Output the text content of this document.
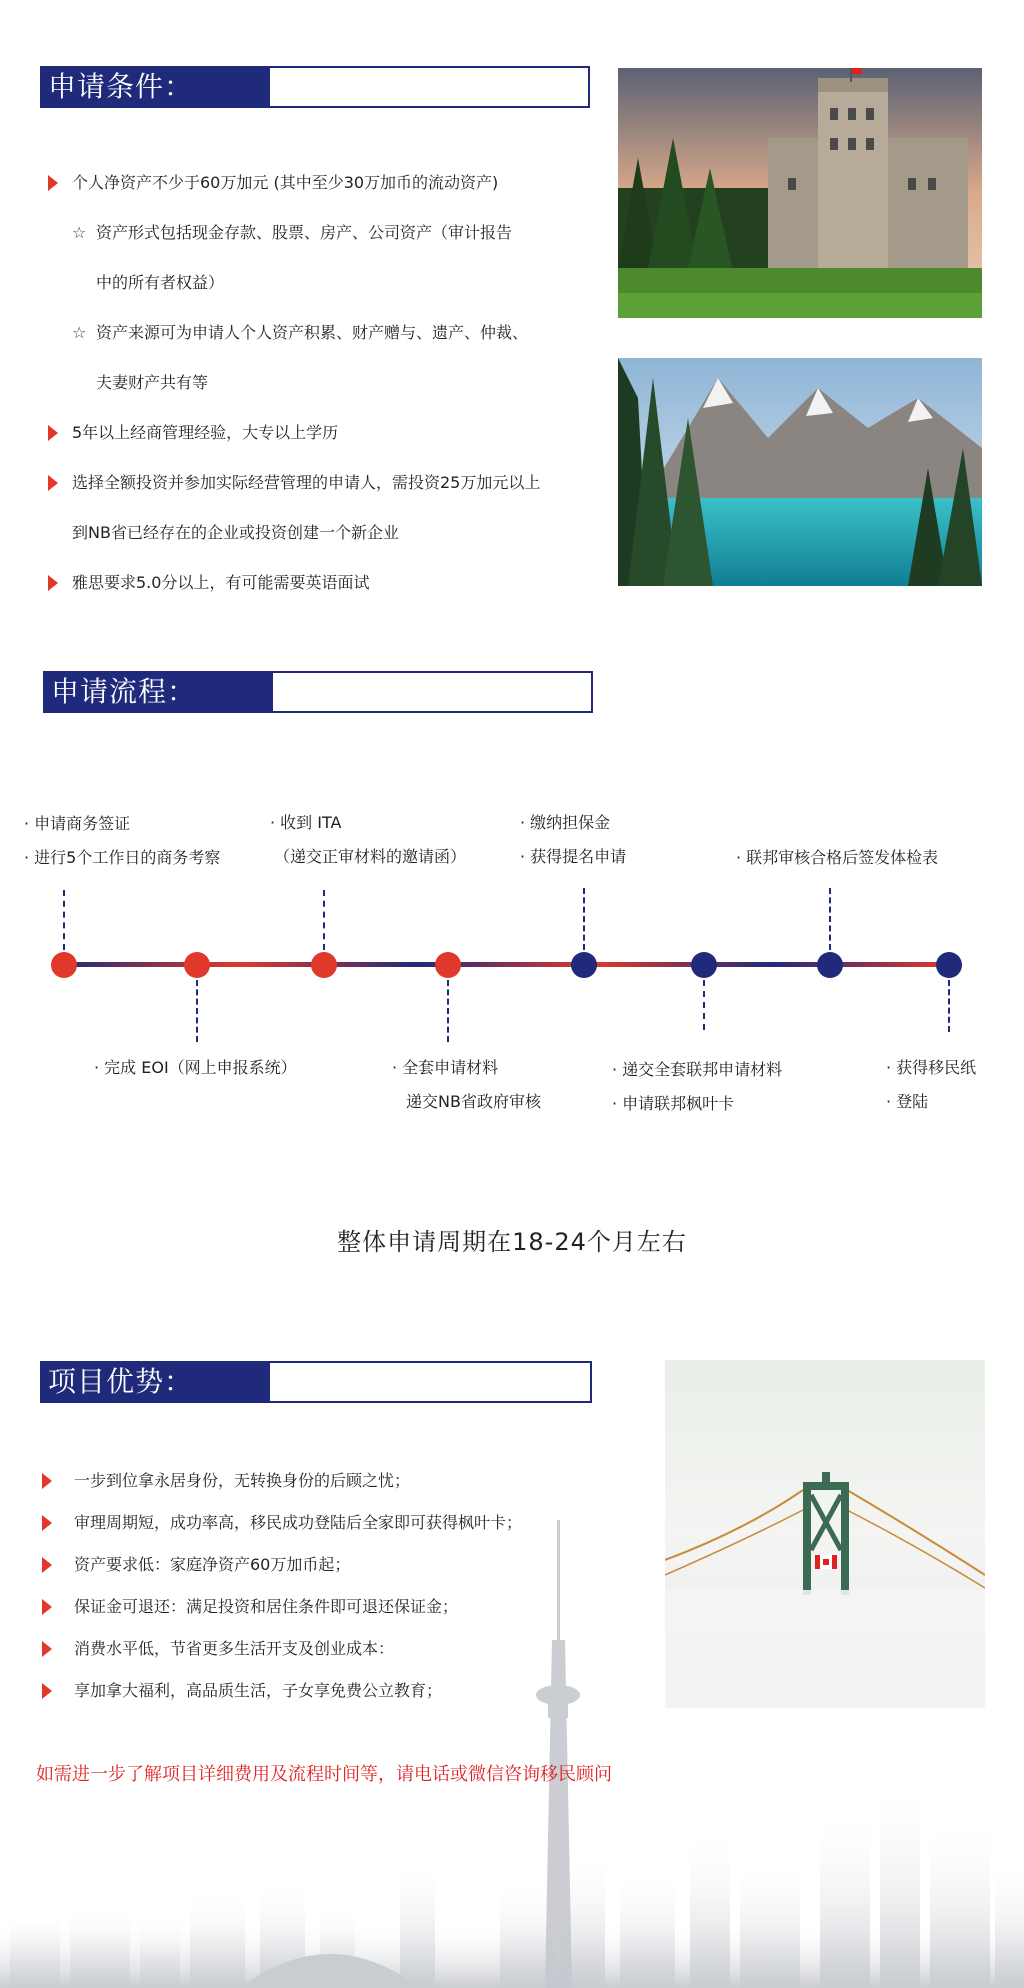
申请条件：
个人净资产不少于60万加元 (其中至少30万加币的流动资产)
☆ 资产形式包括现金存款、股票、房产、公司资产（审计报告
中的所有者权益）
☆ 资产来源可为申请人个人资产积累、财产赠与、遗产、仲裁、
夫妻财产共有等
5年以上经商管理经验，大专以上学历
选择全额投资并参加实际经营管理的申请人，需投资25万加元以上
到NB省已经存在的企业或投资创建一个新企业
雅思要求5.0分以上，有可能需要英语面试
申请流程：
· 申请商务签证
· 进行5个工作日的商务考察
· 收到 ITA
（递交正审材料的邀请函）
· 缴纳担保金
· 获得提名申请	· 联邦审核合格后签发体检表
· 完成 EOI（网上申报系统）	· 全套申请材料
递交NB省政府审核
· 递交全套联邦申请材料
· 申请联邦枫叶卡
· 获得移民纸
· 登陆
整体申请周期在18-24个月左右
项目优势：
一步到位拿永居身份，无转换身份的后顾之忧；
审理周期短，成功率高，移民成功登陆后全家即可获得枫叶卡；
资产要求低：家庭净资产60万加币起；
保证金可退还：满足投资和居住条件即可退还保证金；
消费水平低，节省更多生活开支及创业成本：
享加拿大福利，高品质生活，子女享免费公立教育；
如需进一步了解项目详细费用及流程时间等，请电话或微信咨询移民顾问
